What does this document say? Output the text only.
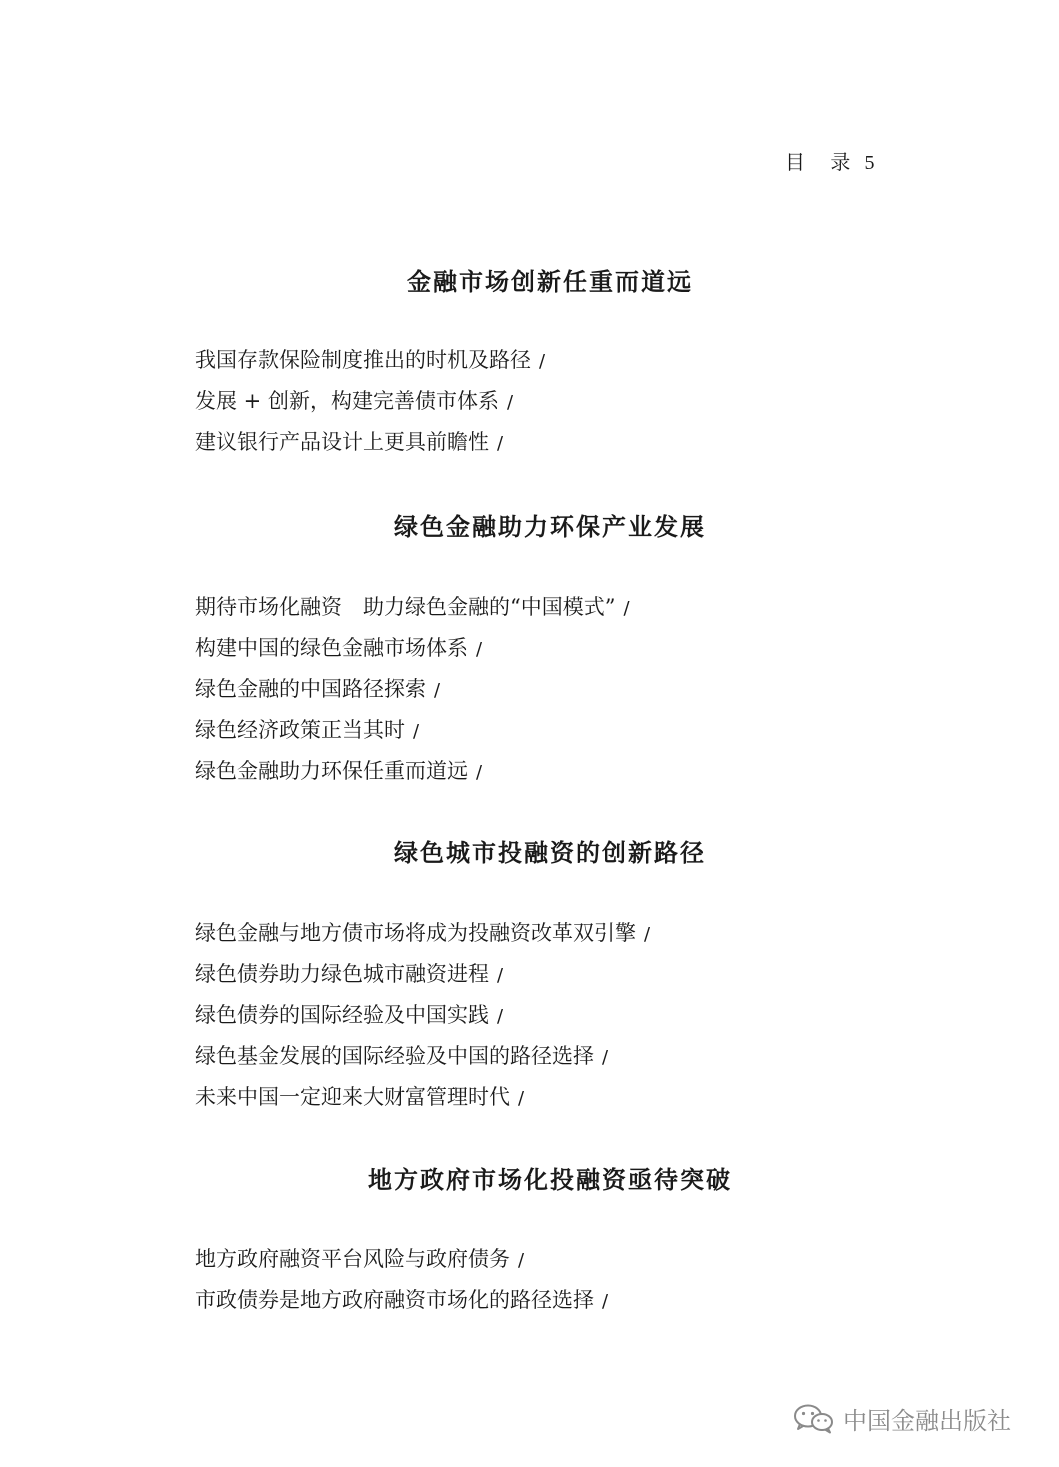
目    录 5
金融市场创新任重而道远
我国存款保险制度推出的时机及路径 /
发展 + 创新，构建完善债市体系 /
建议银行产品设计上更具前瞻性 /
绿色金融助力环保产业发展
期待市场化融资　助力绿色金融的“中国模式” /
构建中国的绿色金融市场体系 /
绿色金融的中国路径探索 /
绿色经济政策正当其时 /
绿色金融助力环保任重而道远 /
绿色城市投融资的创新路径
绿色金融与地方债市场将成为投融资改革双引擎 /
绿色债券助力绿色城市融资进程 /
绿色债券的国际经验及中国实践 /
绿色基金发展的国际经验及中国的路径选择 /
未来中国一定迎来大财富管理时代 /
地方政府市场化投融资亟待突破
地方政府融资平台风险与政府债务 /
市政债券是地方政府融资市场化的路径选择 /
中国金融出版社
